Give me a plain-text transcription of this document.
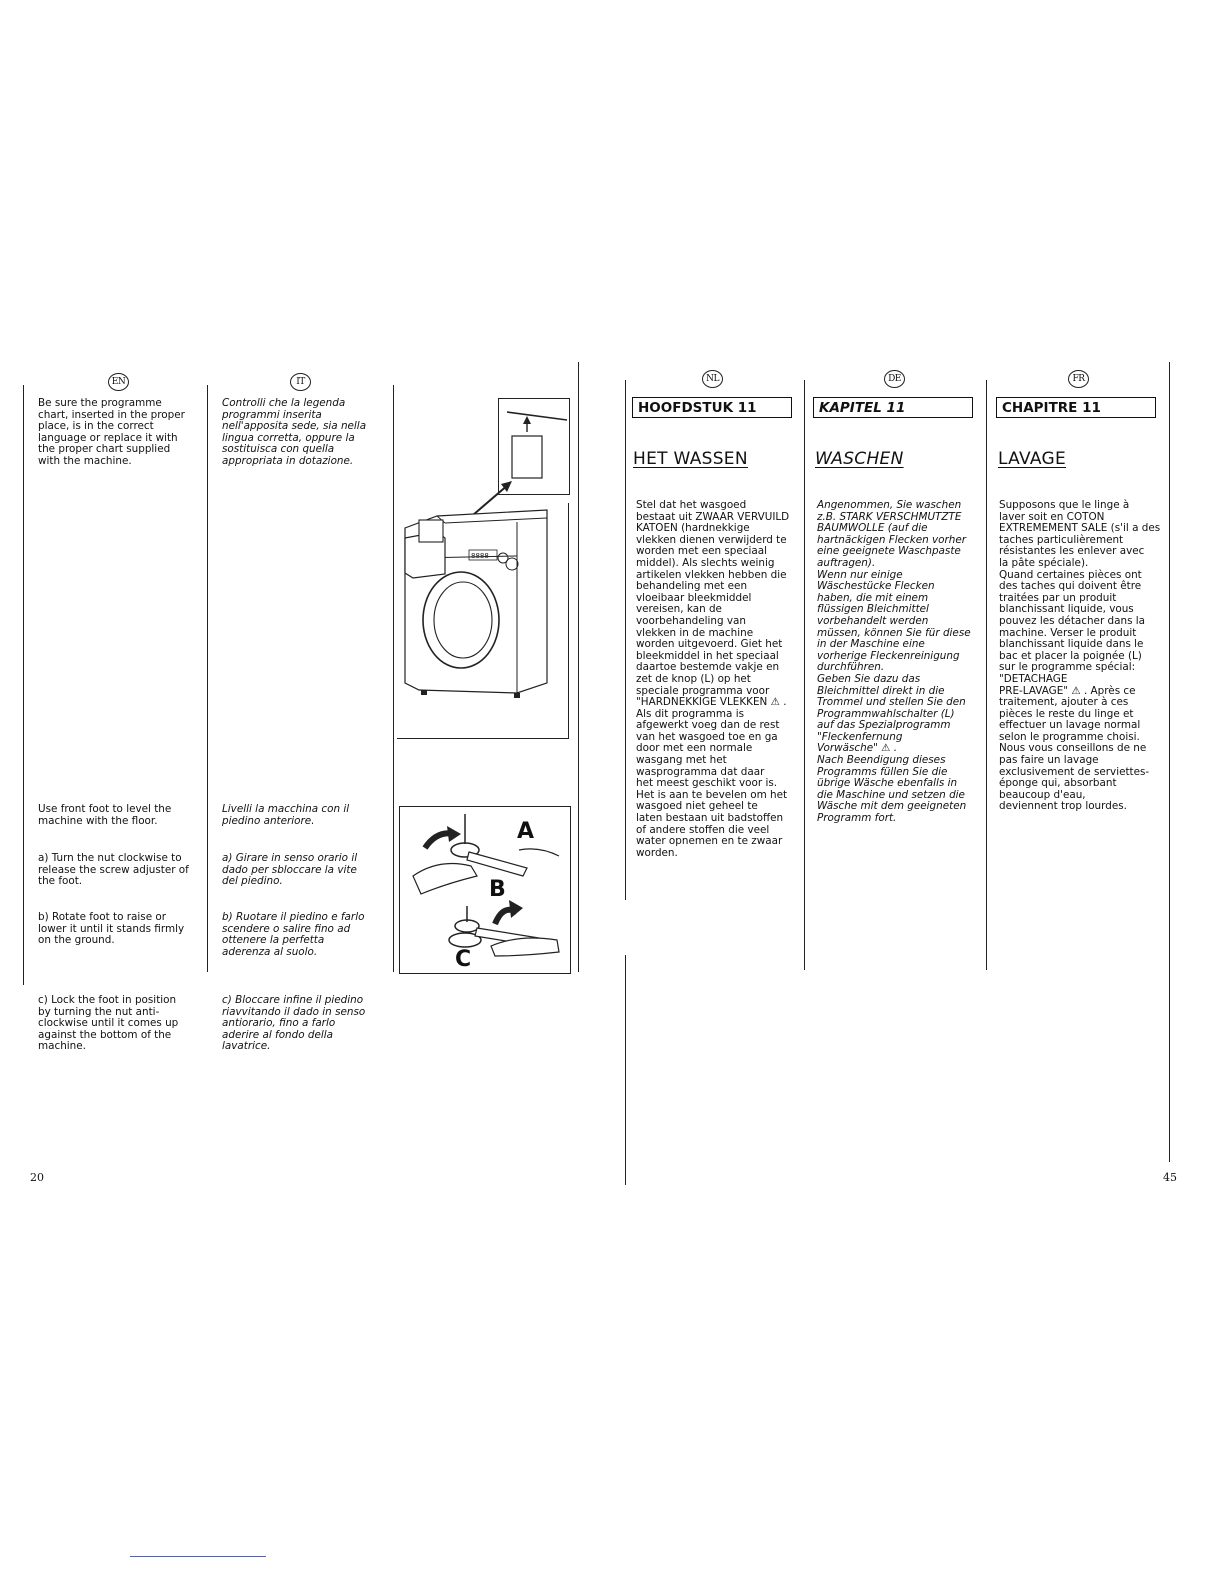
EN	IT
Be sure the programme
chart, inserted in the proper
place, is in the correct
language or replace it with
the proper chart supplied
with the machine.
Controlli che la legenda
programmi inserita
nell'apposita sede, sia nella
lingua corretta, oppure la
sostituisca con quella
appropriata in dotazione.
Use front foot to level the
machine with the floor.
Livelli la macchina con il
piedino anteriore.
a) Turn the nut clockwise to
release the screw adjuster of
the foot.
a) Girare in senso orario il
dado per sbloccare la vite
del piedino.
b) Rotate foot to raise or
lower it until it stands firmly
on the ground.
b) Ruotare il piedino e farlo
scendere o salire fino ad
ottenere la perfetta
aderenza al suolo.
c) Lock the foot in position
by turning the nut anti-
clockwise until it comes up
against the bottom of the
machine.
c) Bloccare infine il piedino
riavvitando il dado in senso
antiorario, fino a farlo
aderire al fondo della
lavatrice.
8888
A
B
C
20
NL	DE	FR
HOOFDSTUK 11	KAPITEL 11	CHAPITRE 11
HET WASSEN	WASCHEN	LAVAGE
Stel dat het wasgoed
bestaat uit ZWAAR VERVUILD
KATOEN (hardnekkige
vlekken dienen verwijderd te
worden met een speciaal
middel). Als slechts weinig
artikelen vlekken hebben die
behandeling met een
vloeibaar bleekmiddel
vereisen, kan de
voorbehandeling van
vlekken in de machine
worden uitgevoerd. Giet het
bleekmiddel in het speciaal
daartoe bestemde vakje en
zet de knop (L) op het
speciale programma voor
"HARDNEKKIGE VLEKKEN ⚠ .
Als dit programma is
afgewerkt voeg dan de rest
van het wasgoed toe en ga
door met een normale
wasgang met het
wasprogramma dat daar
het meest geschikt voor is.
Het is aan te bevelen om het
wasgoed niet geheel te
laten bestaan uit badstoffen
of andere stoffen die veel
water opnemen en te zwaar
worden.
Angenommen, Sie waschen
z.B. STARK VERSCHMUTZTE
BAUMWOLLE (auf die
hartnäckigen Flecken vorher
eine geeignete Waschpaste
auftragen).
Wenn nur einige
Wäschestücke Flecken
haben, die mit einem
flüssigen Bleichmittel
vorbehandelt werden
müssen, können Sie für diese
in der Maschine eine
vorherige Fleckenreinigung
durchführen.
Geben Sie dazu das
Bleichmittel direkt in die
Trommel und stellen Sie den
Programmwahlschalter (L)
auf das Spezialprogramm
"Fleckenfernung
Vorwäsche" ⚠ .
Nach Beendigung dieses
Programms füllen Sie die
übrige Wäsche ebenfalls in
die Maschine und setzen die
Wäsche mit dem geeigneten
Programm fort.
Supposons que le linge à
laver soit en COTON
EXTREMEMENT SALE (s'il a des
taches particulièrement
résistantes les enlever avec
la pâte spéciale).
Quand certaines pièces ont
des taches qui doivent être
traitées par un produit
blanchissant liquide, vous
pouvez les détacher dans la
machine. Verser le produit
blanchissant liquide dans le
bac et placer la poignée (L)
sur le programme spécial:
"DETACHAGE
PRE-LAVAGE" ⚠ . Après ce
traitement, ajouter à ces
pièces le reste du linge et
effectuer un lavage normal
selon le programme choisi.
Nous vous conseillons de ne
pas faire un lavage
exclusivement de serviettes-
éponge qui, absorbant
beaucoup d'eau,
deviennent trop lourdes.
45
